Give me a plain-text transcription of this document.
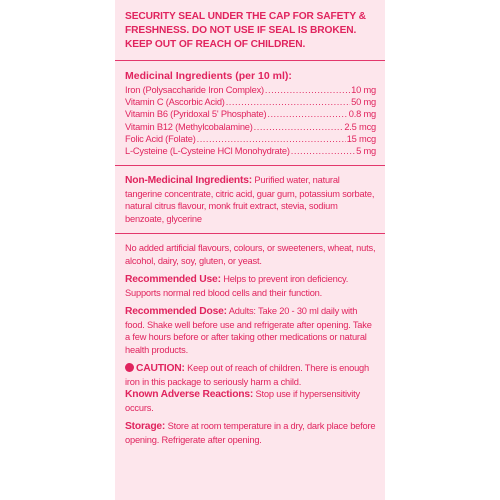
SECURITY SEAL UNDER THE CAP FOR SAFETY & FRESHNESS. DO NOT USE IF SEAL IS BROKEN. KEEP OUT OF REACH OF CHILDREN.
Medicinal Ingredients (per 10 ml):
Iron (Polysaccharide Iron Complex) .....	10 mg
Vitamin C (Ascorbic Acid) .....	50 mg
Vitamin B6 (Pyridoxal 5' Phosphate) .....	0.8 mg
Vitamin B12 (Methylcobalamine) .....	2.5 mcg
Folic Acid (Folate) .....	15 mcg
L-Cysteine (L-Cysteine HCl Monohydrate) .....	5 mg
Non-Medicinal Ingredients: Purified water, natural tangerine concentrate, citric acid, guar gum, potassium sorbate, natural citrus flavour, monk fruit extract, stevia, sodium benzoate, glycerine
No added artificial flavours, colours, or sweeteners, wheat, nuts, alcohol, dairy, soy, gluten, or yeast.
Recommended Use: Helps to prevent iron deficiency. Supports normal red blood cells and their function.
Recommended Dose: Adults: Take 20 - 30 ml daily with food. Shake well before use and refrigerate after opening. Take a few hours before or after taking other medications or natural health products.
CAUTION: Keep out of reach of children. There is enough iron in this package to seriously harm a child.
Known Adverse Reactions: Stop use if hypersensitivity occurs.
Storage: Store at room temperature in a dry, dark place before opening. Refrigerate after opening.
